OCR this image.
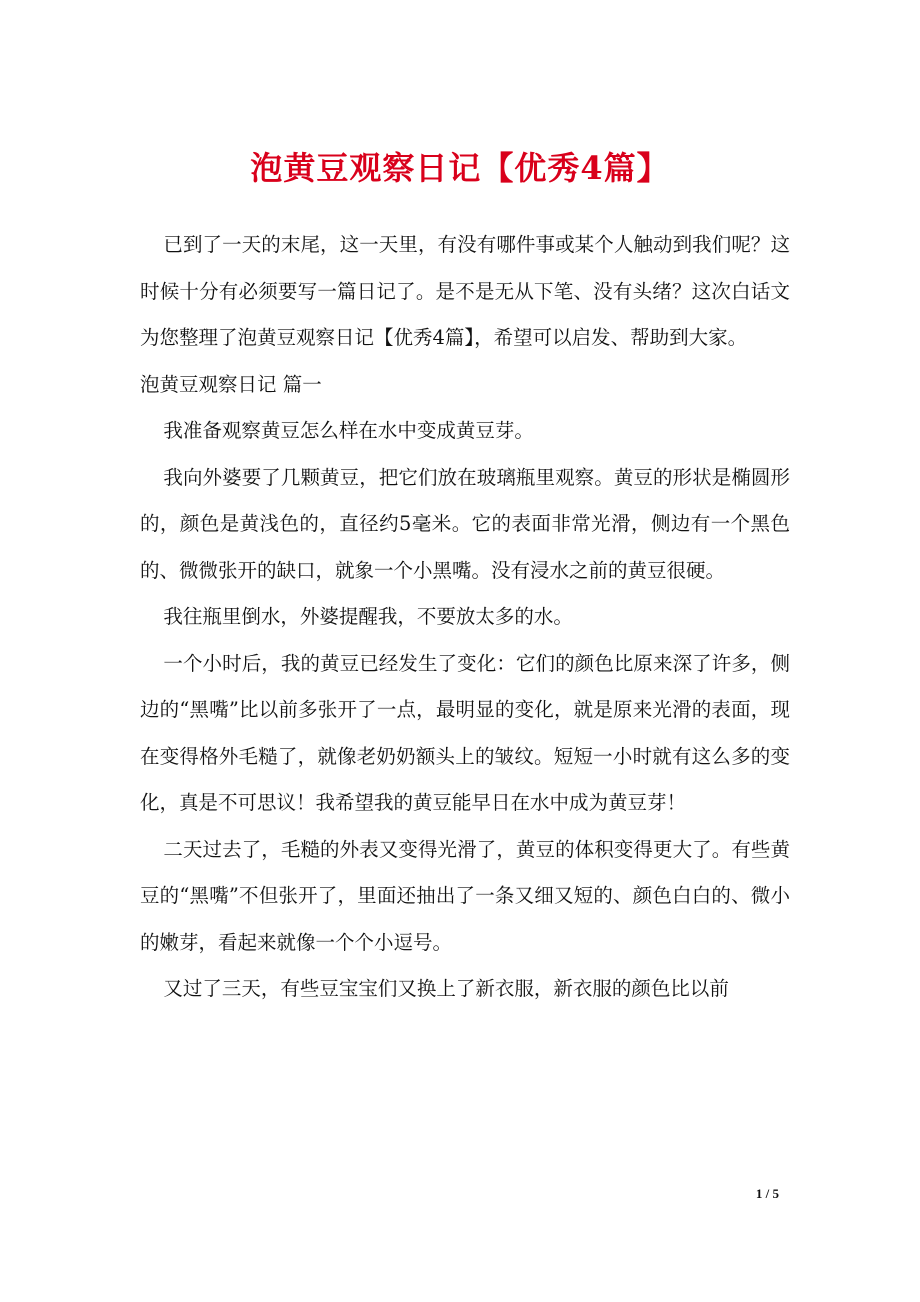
泡黄豆观察日记【优秀4篇】

已到了一天的末尾，这一天里，有没有哪件事或某个人触动到我们呢？这时候十分有必须要写一篇日记了。是不是无从下笔、没有头绪？这次白话文为您整理了泡黄豆观察日记【优秀4篇】，希望可以启发、帮助到大家。

泡黄豆观察日记 篇一

我准备观察黄豆怎么样在水中变成黄豆芽。

我向外婆要了几颗黄豆，把它们放在玻璃瓶里观察。黄豆的形状是椭圆形的，颜色是黄浅色的，直径约5毫米。它的表面非常光滑，侧边有一个黑色的、微微张开的缺口，就象一个小黑嘴。没有浸水之前的黄豆很硬。

我往瓶里倒水，外婆提醒我，不要放太多的水。

一个小时后，我的黄豆已经发生了变化：它们的颜色比原来深了许多，侧边的“黑嘴”比以前多张开了一点，最明显的变化，就是原来光滑的表面，现在变得格外毛糙了，就像老奶奶额头上的皱纹。短短一小时就有这么多的变化，真是不可思议！我希望我的黄豆能早日在水中成为黄豆芽！

二天过去了，毛糙的外表又变得光滑了，黄豆的体积变得更大了。有些黄豆的“黑嘴”不但张开了，里面还抽出了一条又细又短的、颜色白白的、微小的嫩芽，看起来就像一个个小逗号。

又过了三天，有些豆宝宝们又换上了新衣服，新衣服的颜色比以前

1 / 5
